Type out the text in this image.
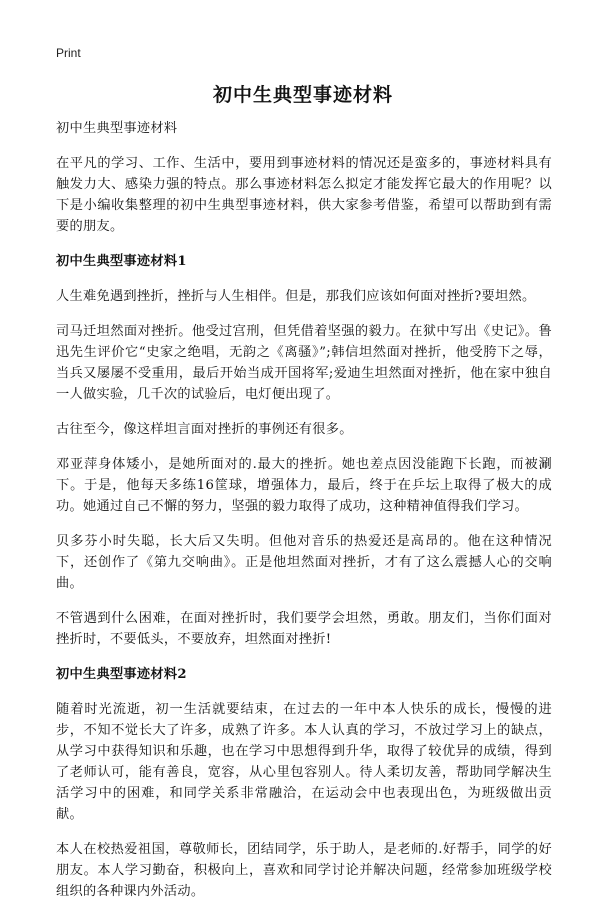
Print
初中生典型事迹材料

初中生典型事迹材料

在平凡的学习、工作、生活中，要用到事迹材料的情况还是蛮多的，事迹材料具有触发力大、感染力强的特点。那么事迹材料怎么拟定才能发挥它最大的作用呢？以下是小编收集整理的初中生典型事迹材料，供大家参考借鉴，希望可以帮助到有需要的朋友。

初中生典型事迹材料1

人生难免遇到挫折，挫折与人生相伴。但是，那我们应该如何面对挫折?要坦然。

司马迁坦然面对挫折。他受过宫刑，但凭借着坚强的毅力。在狱中写出《史记》。鲁迅先生评价它“史家之绝唱，无韵之《离骚》”;韩信坦然面对挫折，他受胯下之辱，当兵又屡屡不受重用，最后开始当成开国将军;爱迪生坦然面对挫折，他在家中独自一人做实验，几千次的试验后，电灯便出现了。

古往至今，像这样坦言面对挫折的事例还有很多。

邓亚萍身体矮小，是她所面对的.最大的挫折。她也差点因没能跑下长跑，而被涮下。于是，他每天多练16筐球，增强体力，最后，终于在乒坛上取得了极大的成功。她通过自己不懈的努力，坚强的毅力取得了成功，这种精神值得我们学习。

贝多芬小时失聪，长大后又失明。但他对音乐的热爱还是高昂的。他在这种情况下，还创作了《第九交响曲》。正是他坦然面对挫折，才有了这么震撼人心的交响曲。

不管遇到什么困难，在面对挫折时，我们要学会坦然，勇敢。朋友们，当你们面对挫折时，不要低头，不要放弃，坦然面对挫折!

初中生典型事迹材料2

随着时光流逝，初一生活就要结束，在过去的一年中本人快乐的成长，慢慢的进步，不知不觉长大了许多，成熟了许多。本人认真的学习，不放过学习上的缺点，从学习中获得知识和乐趣，也在学习中思想得到升华，取得了较优异的成绩，得到了老师认可，能有善良，宽容，从心里包容别人。待人柔切友善，帮助同学解决生活学习中的困难，和同学关系非常融洽，在运动会中也表现出色，为班级做出贡献。

本人在校热爱祖国，尊敬师长，团结同学，乐于助人，是老师的.好帮手，同学的好朋友。本人学习勤奋，积极向上，喜欢和同学讨论并解决问题，经常参加班级学校组织的各种课内外活动。
